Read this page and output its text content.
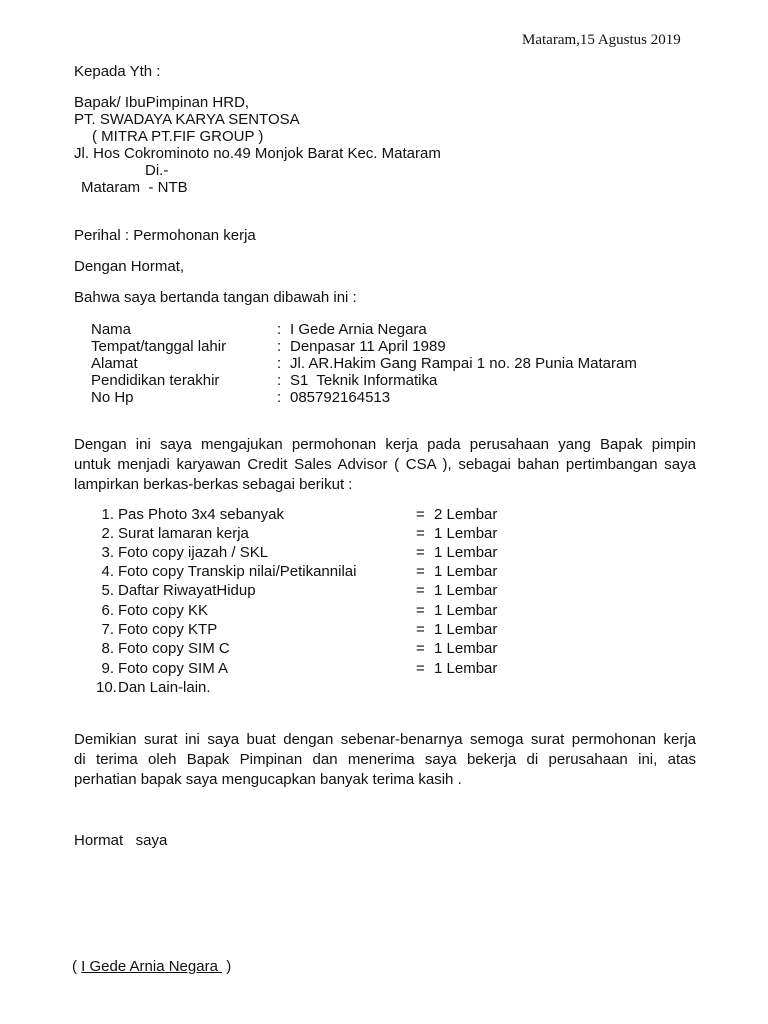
Mataram,15 Agustus 2019
Kepada Yth :
Bapak/ IbuPimpinan HRD,
PT. SWADAYA KARYA SENTOSA
( MITRA PT.FIF GROUP )
Jl. Hos Cokrominoto no.49 Monjok Barat Kec. Mataram
Di.-
Mataram  - NTB
Perihal : Permohonan kerja
Dengan Hormat,
Bahwa saya bertanda tangan dibawah ini :
Nama	: I Gede Arnia Negara
Tempat/tanggal lahir	: Denpasar 11 April 1989
Alamat	: Jl. AR.Hakim Gang Rampai 1 no. 28 Punia Mataram
Pendidikan terakhir	: S1  Teknik Informatika
No Hp	: 085792164513
Dengan ini saya mengajukan permohonan kerja pada perusahaan yang Bapak pimpin
untuk menjadi karyawan Credit Sales Advisor ( CSA ), sebagai bahan pertimbangan saya
lampirkan berkas-berkas sebagai berikut :
1. Pas Photo 3x4 sebanyak	= 2 Lembar
2. Surat lamaran kerja	= 1 Lembar
3. Foto copy ijazah / SKL	= 1 Lembar
4. Foto copy Transkip nilai/Petikannilai	= 1 Lembar
5. Daftar RiwayatHidup	= 1 Lembar
6. Foto copy KK	= 1 Lembar
7. Foto copy KTP	= 1 Lembar
8. Foto copy SIM C	= 1 Lembar
9. Foto copy SIM A	= 1 Lembar
10. Dan Lain-lain.
Demikian surat ini saya buat dengan sebenar-benarnya semoga surat permohonan kerja
di terima oleh Bapak Pimpinan dan menerima saya bekerja di perusahaan ini, atas
perhatian bapak saya mengucapkan banyak terima kasih .
Hormat   saya
( I Gede Arnia Negara  )
